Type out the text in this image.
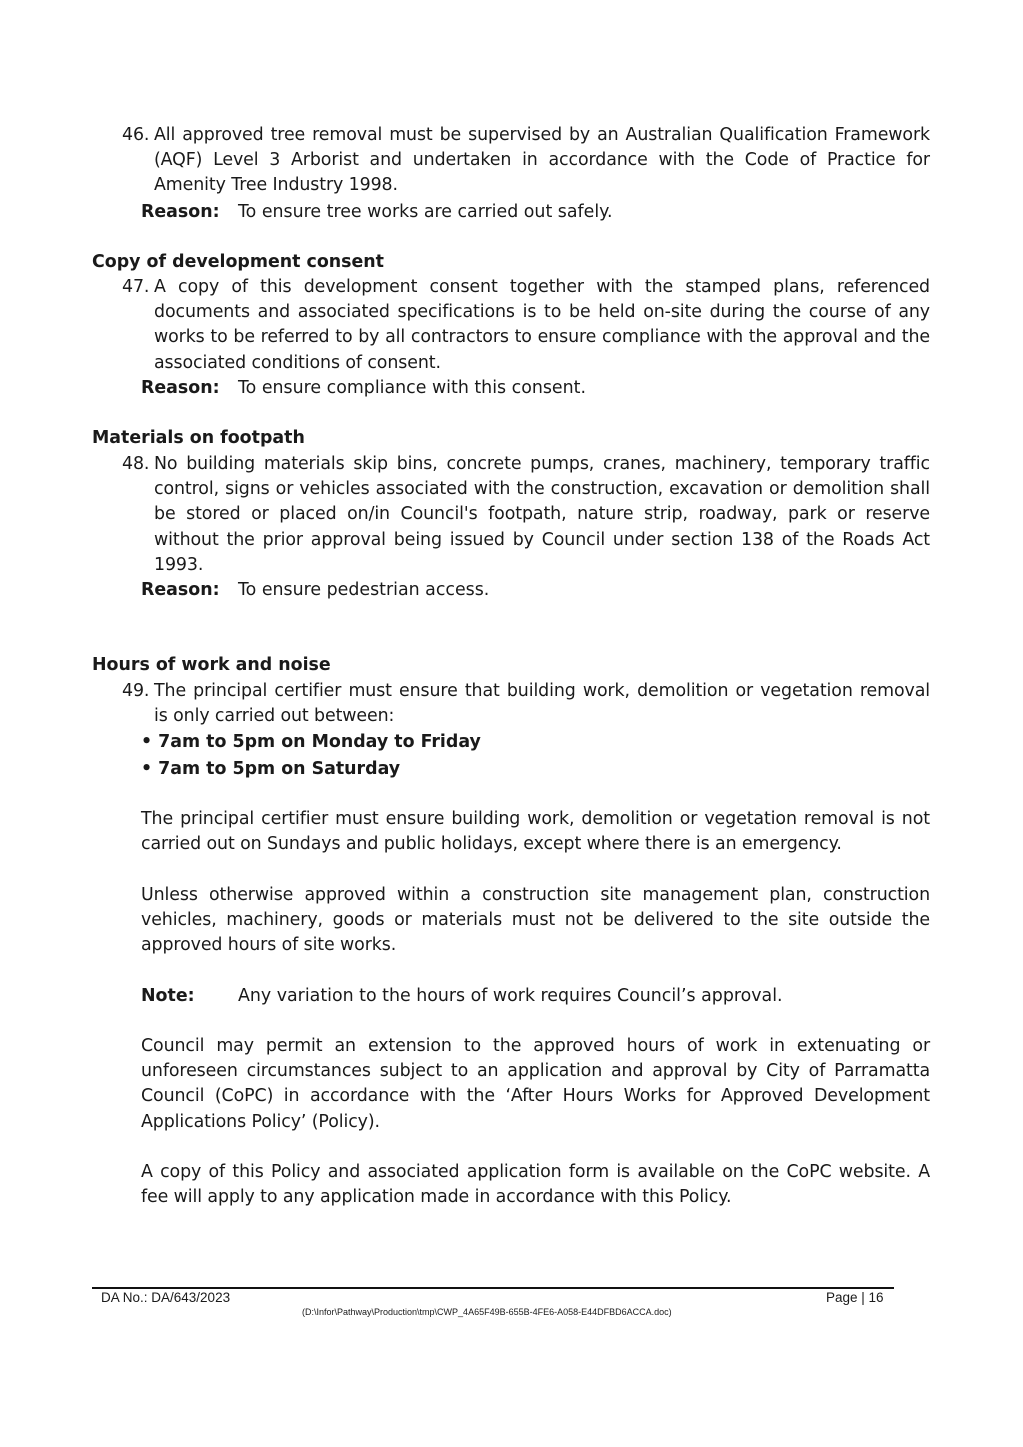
46. All approved tree removal must be supervised by an Australian Qualification Framework (AQF) Level 3 Arborist and undertaken in accordance with the Code of Practice for Amenity Tree Industry 1998.
Reason: To ensure tree works are carried out safely.
Copy of development consent
47. A copy of this development consent together with the stamped plans, referenced documents and associated specifications is to be held on-site during the course of any works to be referred to by all contractors to ensure compliance with the approval and the associated conditions of consent.
Reason: To ensure compliance with this consent.
Materials on footpath
48. No building materials skip bins, concrete pumps, cranes, machinery, temporary traffic control, signs or vehicles associated with the construction, excavation or demolition shall be stored or placed on/in Council's footpath, nature strip, roadway, park or reserve without the prior approval being issued by Council under section 138 of the Roads Act 1993.
Reason: To ensure pedestrian access.
Hours of work and noise
49. The principal certifier must ensure that building work, demolition or vegetation removal is only carried out between:
• 7am to 5pm on Monday to Friday
• 7am to 5pm on Saturday
The principal certifier must ensure building work, demolition or vegetation removal is not carried out on Sundays and public holidays, except where there is an emergency.
Unless otherwise approved within a construction site management plan, construction vehicles, machinery, goods or materials must not be delivered to the site outside the approved hours of site works.
Note: Any variation to the hours of work requires Council’s approval.
Council may permit an extension to the approved hours of work in extenuating or unforeseen circumstances subject to an application and approval by City of Parramatta Council (CoPC) in accordance with the ‘After Hours Works for Approved Development Applications Policy’ (Policy).
A copy of this Policy and associated application form is available on the CoPC website. A fee will apply to any application made in accordance with this Policy.
DA No.: DA/643/2023	Page | 16
(D:\Infor\Pathway\Production\tmp\CWP_4A65F49B-655B-4FE6-A058-E44DFBD6ACCA.doc)
